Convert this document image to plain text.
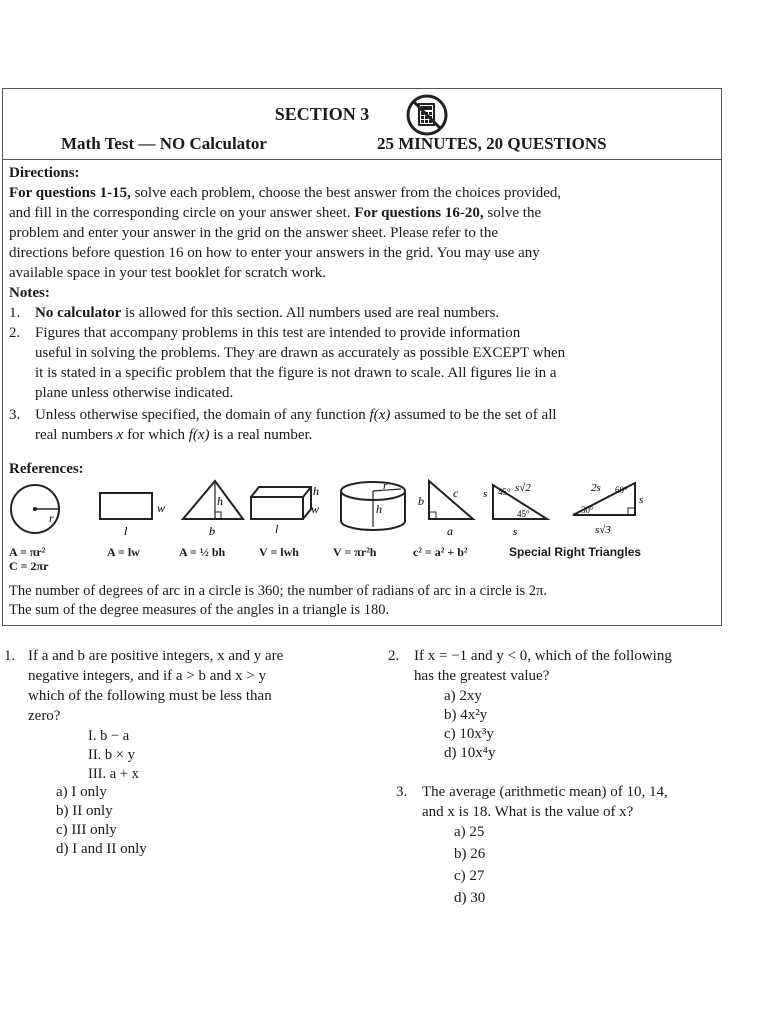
SECTION 3
Math Test — NO Calculator	25 MINUTES, 20 QUESTIONS
Directions:
For questions 1-15, solve each problem, choose the best answer from the choices provided,
and fill in the corresponding circle on your answer sheet. For questions 16-20, solve the
problem and enter your answer in the grid on the answer sheet. Please refer to the
directions before question 16 on how to enter your answers in the grid. You may use any
available space in your test booklet for scratch work.
Notes:
1. No calculator is allowed for this section. All numbers used are real numbers.
2. Figures that accompany problems in this test are intended to provide information
useful in solving the problems. They are drawn as accurately as possible EXCEPT when
it is stated in a specific problem that the figure is not drawn to scale. All figures lie in a
plane unless otherwise indicated.
3. Unless otherwise specified, the domain of any function f(x) assumed to be the set of all
real numbers x for which f(x) is a real number.
References:
r
w
l
h
b
h
w
l
r
h
c
b
a
s 45° s√2
45°
s
2s 60°
s
30°
s√3
A = πr²
C = 2πr
A = lw	A = ½ bh	V = lwh	V = πr²h	c² = a² + b²	Special Right Triangles
The number of degrees of arc in a circle is 360; the number of radians of arc in a circle is 2π.
The sum of the degree measures of the angles in a triangle is 180.
1. If a and b are positive integers, x and y are
negative integers, and if a > b and x > y
which of the following must be less than
zero?
I. b − a
II. b × y
III. a + x
a) I only
b) II only
c) III only
d) I and II only
2. If x = −1 and y < 0, which of the following
has the greatest value?
a) 2xy
b) 4x²y
c) 10x³y
d) 10x⁴y
3. The average (arithmetic mean) of 10, 14,
and x is 18. What is the value of x?
a) 25
b) 26
c) 27
d) 30
